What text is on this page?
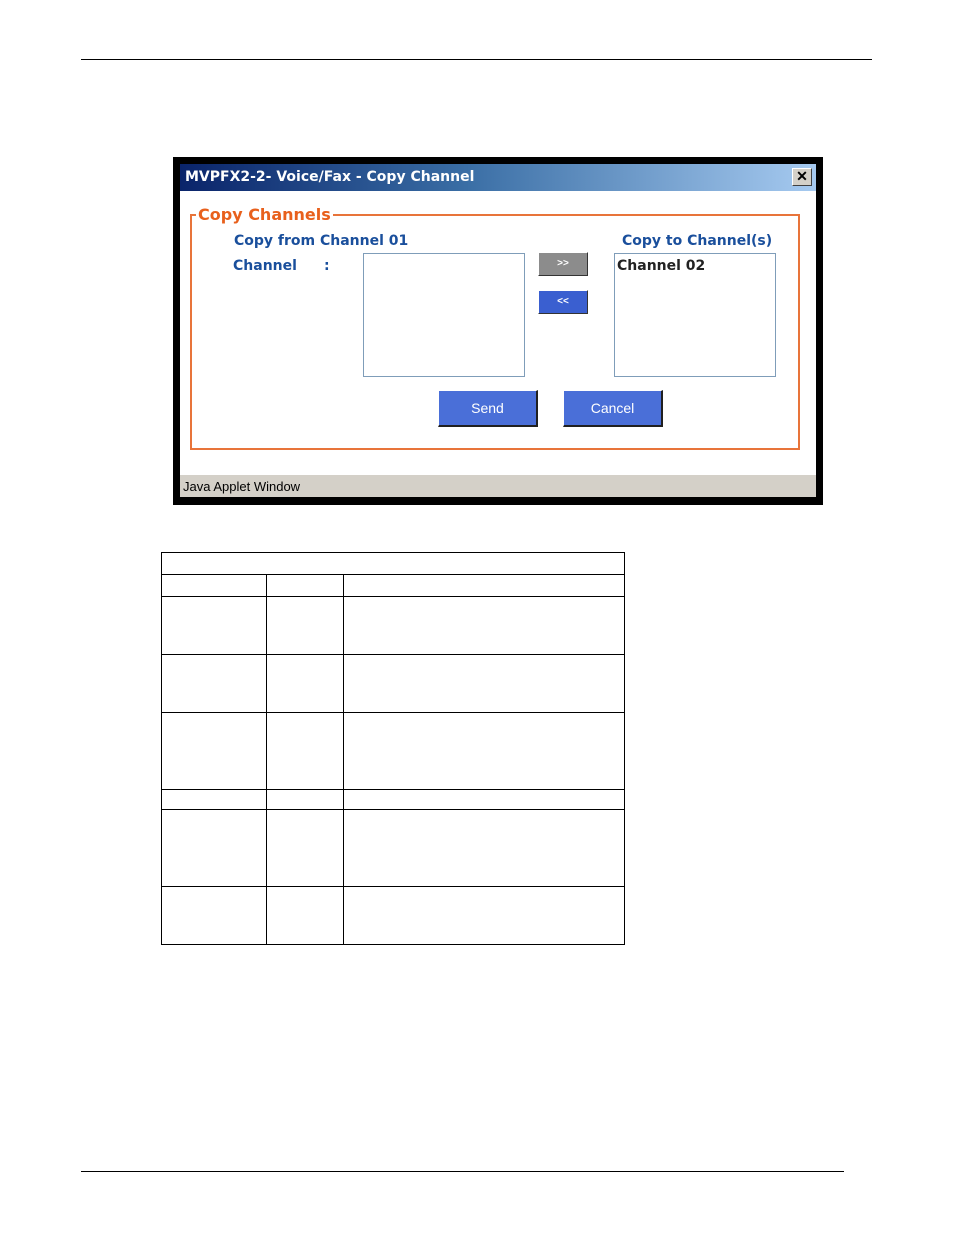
MVPFX2-2- Voice/Fax - Copy Channel	✕
Copy Channels
Copy from Channel 01
Channel :
Copy to Channel(s)
>>
<<
Channel 02
Send	Cancel
Java Applet Window
